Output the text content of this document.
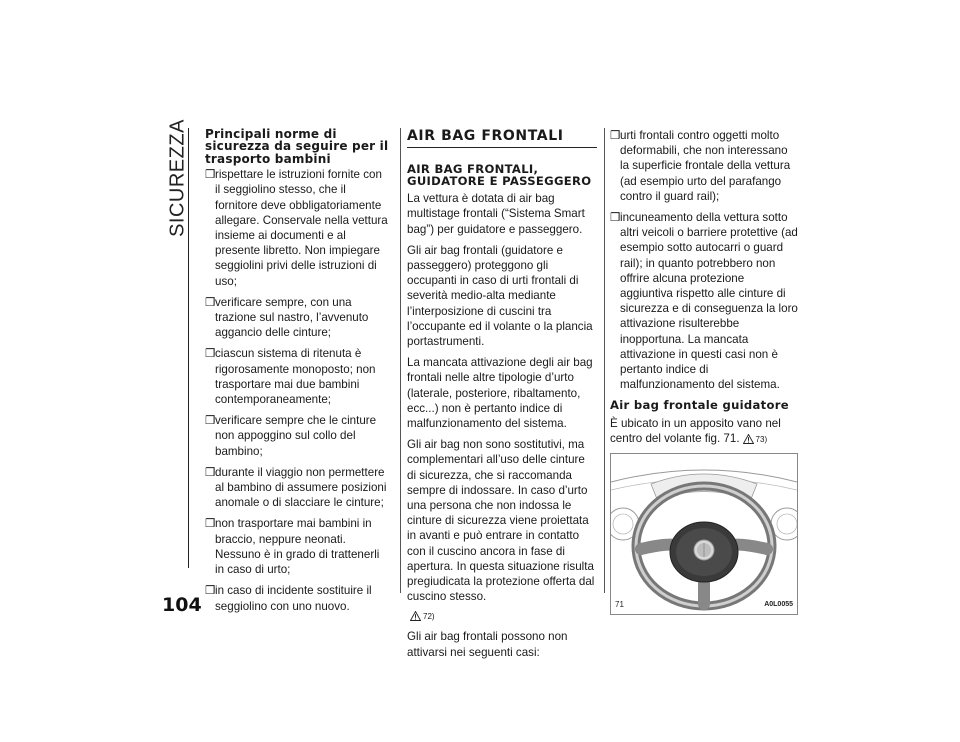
SICUREZZA
104
Principali norme di sicurezza da seguire per il trasporto bambini
❒ rispettare le istruzioni fornite con il seggiolino stesso, che il fornitore deve obbligatoriamente allegare. Conservale nella vettura insieme ai documenti e al presente libretto. Non impiegare seggiolini privi delle istruzioni di uso;
❒ verificare sempre, con una trazione sul nastro, l’avvenuto aggancio delle cinture;
❒ ciascun sistema di ritenuta è rigorosamente monoposto; non trasportare mai due bambini contemporaneamente;
❒ verificare sempre che le cinture non appoggino sul collo del bambino;
❒ durante il viaggio non permettere al bambino di assumere posizioni anomale o di slacciare le cinture;
❒ non trasportare mai bambini in braccio, neppure neonati. Nessuno è in grado di trattenerli in caso di urto;
❒ in caso di incidente sostituire il seggiolino con uno nuovo.
AIR BAG FRONTALI
AIR BAG FRONTALI, GUIDATORE E PASSEGGERO

La vettura è dotata di air bag multistage frontali (“Sistema Smart bag”) per guidatore e passeggero.

Gli air bag frontali (guidatore e passeggero) proteggono gli occupanti in caso di urti frontali di severità medio-alta mediante l’interposizione di cuscini tra l’occupante ed il volante o la plancia portastrumenti.

La mancata attivazione degli air bag frontali nelle altre tipologie d’urto (laterale, posteriore, ribaltamento, ecc...) non è pertanto indice di malfunzionamento del sistema.

Gli air bag non sono sostitutivi, ma complementari all’uso delle cinture di sicurezza, che si raccomanda sempre di indossare. In caso d’urto una persona che non indossa le cinture di sicurezza viene proiettata in avanti e può entrare in contatto con il cuscino ancora in fase di apertura. In questa situazione risulta pregiudicata la protezione offerta dal cuscino stesso.

72)

Gli air bag frontali possono non attivarsi nei seguenti casi:

❒ urti frontali contro oggetti molto deformabili, che non interessano la superficie frontale della vettura (ad esempio urto del parafango contro il guard rail);
❒ incuneamento della vettura sotto altri veicoli o barriere protettive (ad esempio sotto autocarri o guard rail); in quanto potrebbero non offrire alcuna protezione aggiuntiva rispetto alle cinture di sicurezza e di conseguenza la loro attivazione risulterebbe inopportuna. La mancata attivazione in questi casi non è pertanto indice di malfunzionamento del sistema.
Air bag frontale guidatore

È ubicato in un apposito vano nel centro del volante fig. 71. 73)

71	A0L0055
